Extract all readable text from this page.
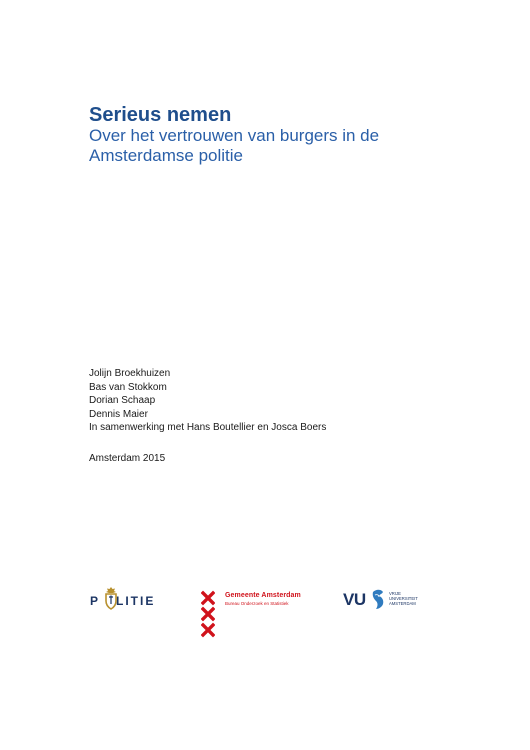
Serieus nemen

Over het vertrouwen van burgers in de Amsterdamse politie

Jolijn Broekhuizen
Bas van Stokkom
Dorian Schaap
Dennis Maier
In samenwerking met Hans Boutellier en Josca Boers
Amsterdam 2015
P LITIE	Gemeente Amsterdam
Bureau Onderzoek en Statistiek	VU	VRIJE
UNIVERSITEIT
AMSTERDAM
